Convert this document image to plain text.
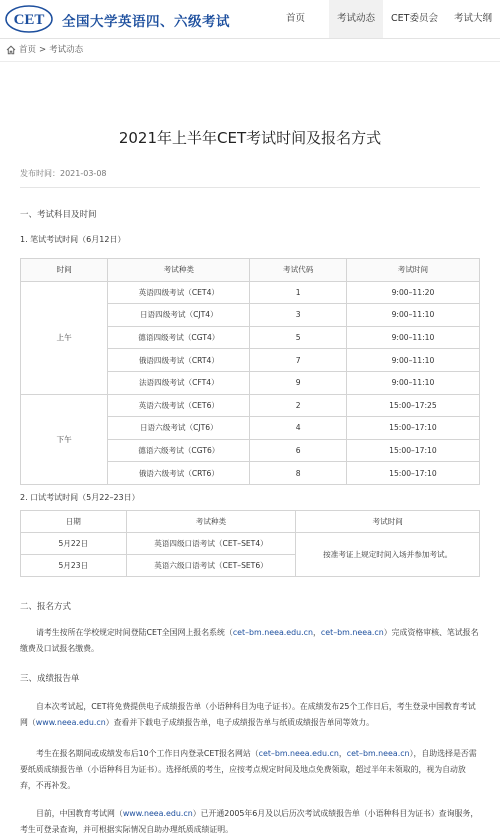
CET 全国大学英语四、六级考试	首页	考试动态	CET委员会	考试大纲
首页 > 考试动态
2021年上半年CET考试时间及报名方式
发布时间：2021-03-08
一、考试科目及时间
1. 笔试考试时间（6月12日）
时间	考试种类	考试代码	考试时间
上午	英语四级考试（CET4）	1	9:00–11:20
	日语四级考试（CJT4）	3	9:00–11:10
	德语四级考试（CGT4）	5	9:00–11:10
	俄语四级考试（CRT4）	7	9:00–11:10
	法语四级考试（CFT4）	9	9:00–11:10
下午	英语六级考试（CET6）	2	15:00–17:25
	日语六级考试（CJT6）	4	15:00–17:10
	德语六级考试（CGT6）	6	15:00–17:10
	俄语六级考试（CRT6）	8	15:00–17:10
2. 口试考试时间（5月22–23日）
日期	考试种类	考试时间
5月22日	英语四级口语考试（CET–SET4）	按准考证上规定时间入场并参加考试。
5月23日	英语六级口语考试（CET–SET6）	
二、报名方式

请考生按所在学校规定时间登陆CET全国网上报名系统（cet–bm.neea.edu.cn，cet–bm.neea.cn）完成资格审核、笔试报名缴费及口试报名缴费。

三、成绩报告单

自本次考试起，CET将免费提供电子成绩报告单（小语种科目为电子证书）。在成绩发布25个工作日后，考生登录中国教育考试网（www.neea.edu.cn）查看并下载电子成绩报告单，电子成绩报告单与纸质成绩报告单同等效力。

考生在报名期间或成绩发布后10个工作日内登录CET报名网站（cet–bm.neea.edu.cn，cet–bm.neea.cn），自助选择是否需要纸质成绩报告单（小语种科目为证书）。选择纸质的考生，应按考点规定时间及地点免费领取，超过半年未领取的，视为自动放弃，不再补发。

目前，中国教育考试网（www.neea.edu.cn）已开通2005年6月及以后历次考试成绩报告单（小语种科目为证书）查询服务，考生可登录查询，并可根据实际情况自助办理纸质成绩证明。
